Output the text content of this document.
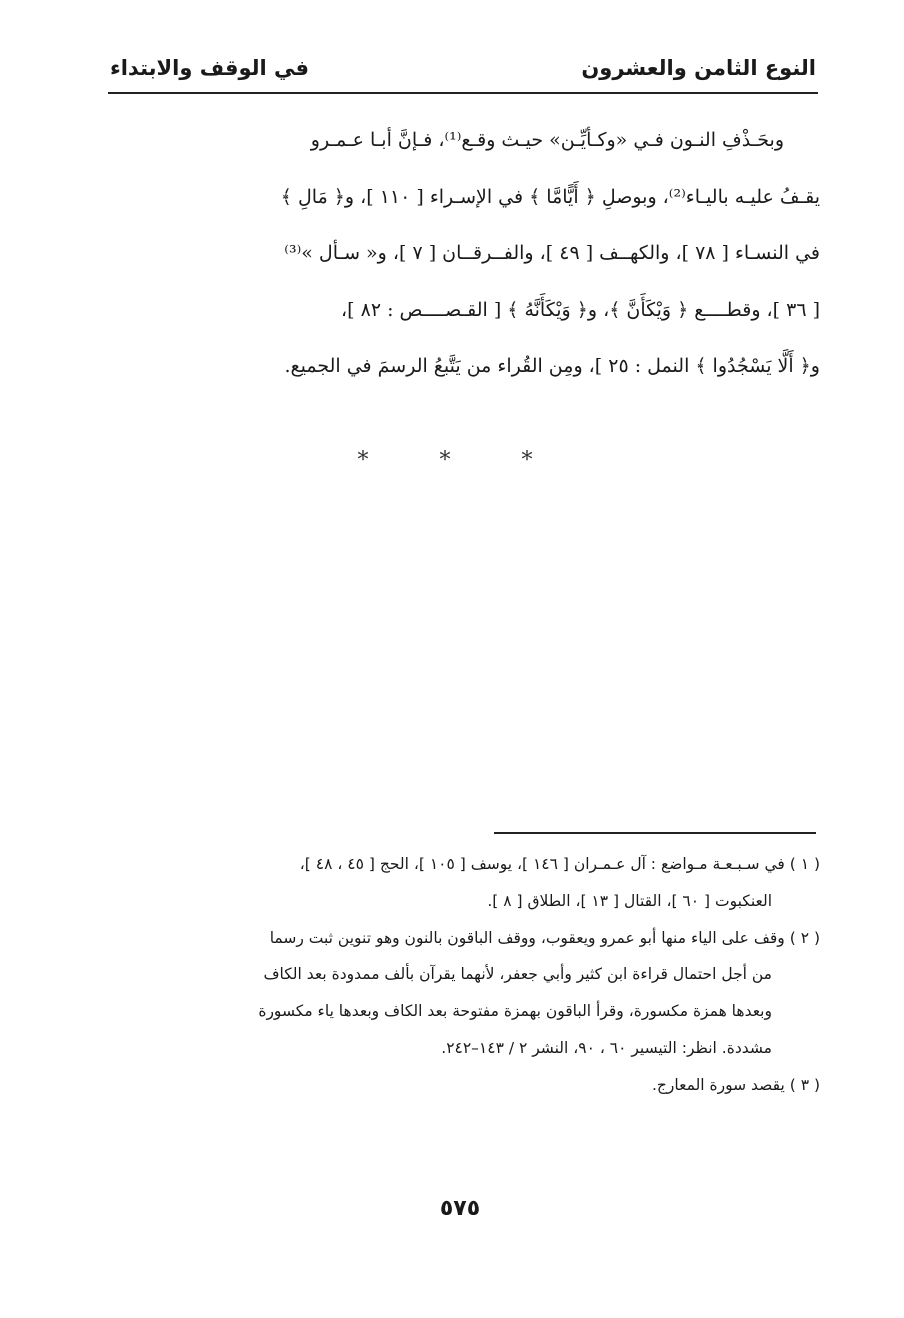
النوع الثامن والعشرون
في الوقف والابتداء
وبحَـذْفِ النـون فـي «وكـأيِّـن» حيـث وقـع⁽¹⁾، فـإنَّ أبـا عـمـرو
يقـفُ عليـه باليـاء⁽²⁾، وبوصلِ ﴿ أَيًّامَّا ﴾ في الإسـراء [ ١١٠ ]، و﴿ مَالِ ﴾
في النسـاء [ ٧٨ ]، والكهــف [ ٤٩ ]، والفــرقــان [ ٧ ]، و« سـأل »⁽³⁾
[ ٣٦ ]، وقطــــع ﴿ وَيْكَأَنَّ ﴾، و﴿ وَيْكَأَنَّهُ ﴾ [ القـصــــص : ٨٢ ]،
و﴿ أَلَّا يَسْجُدُوا ﴾ النمل : ٢٥ ]، ومِن القُراء من يَتَّبعُ الرسمَ في الجميع.
* * *
( ١ ) في سـبـعـة مـواضع : آل عـمـران [ ١٤٦ ]، يوسف [ ١٠٥ ]، الحج [ ٤٥ ، ٤٨ ]،
العنكبوت [ ٦٠ ]، القتال [ ١٣ ]، الطلاق [ ٨ ].
( ٢ ) وقف على الياء منها أبو عمرو ويعقوب، ووقف الباقون بالنون وهو تنوين ثبت رسما
من أجل احتمال قراءة ابن كثير وأبي جعفر، لأنهما يقرآن بألف ممدودة بعد الكاف
وبعدها همزة مكسورة، وقرأ الباقون بهمزة مفتوحة بعد الكاف وبعدها ياء مكسورة
مشددة. انظر: التيسير ٦٠ ، ٩٠، النشر ٢ / ١٤٣–٢٤٢.
( ٣ ) يقصد سورة المعارج.
٥٧٥
